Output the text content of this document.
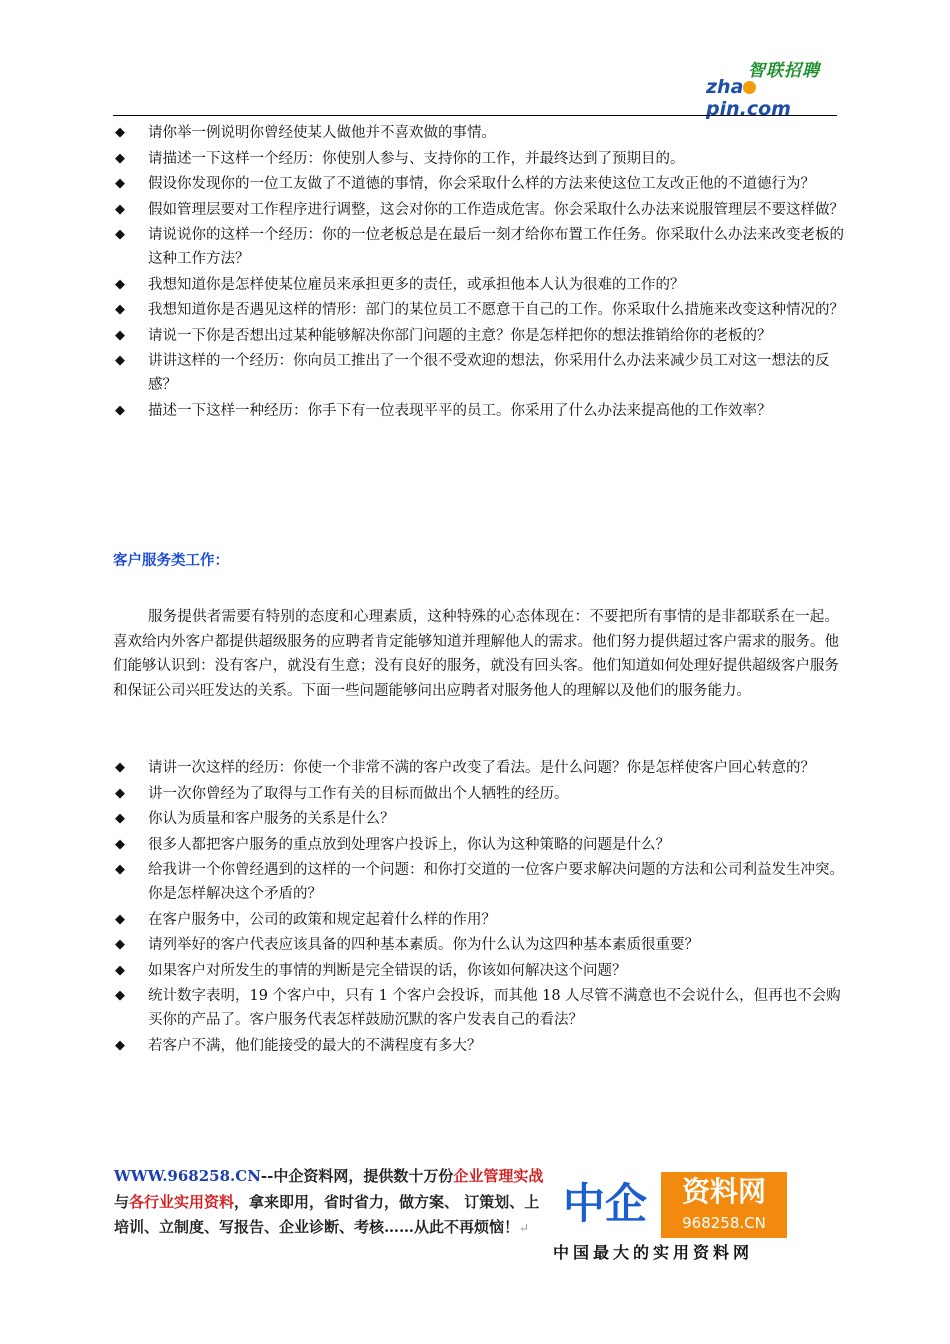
智联招聘
zhapin.com
◆ 请你举一例说明你曾经使某人做他并不喜欢做的事情。
◆ 请描述一下这样一个经历：你使别人参与、支持你的工作，并最终达到了预期目的。
◆ 假设你发现你的一位工友做了不道德的事情，你会采取什么样的方法来使这位工友改正他的不道德行为？
◆ 假如管理层要对工作程序进行调整，这会对你的工作造成危害。你会采取什么办法来说服管理层不要这样做？
◆ 请说说你的这样一个经历：你的一位老板总是在最后一刻才给你布置工作任务。你采取什么办法来改变老板的这种工作方法？
◆ 我想知道你是怎样使某位雇员来承担更多的责任，或承担他本人认为很难的工作的？
◆ 我想知道你是否遇见这样的情形：部门的某位员工不愿意干自己的工作。你采取什么措施来改变这种情况的？
◆ 请说一下你是否想出过某种能够解决你部门问题的主意？你是怎样把你的想法推销给你的老板的？
◆ 讲讲这样的一个经历：你向员工推出了一个很不受欢迎的想法，你采用什么办法来减少员工对这一想法的反感？
◆ 描述一下这样一种经历：你手下有一位表现平平的员工。你采用了什么办法来提高他的工作效率？
客户服务类工作：

服务提供者需要有特别的态度和心理素质，这种特殊的心态体现在：不要把所有事情的是非都联系在一起。喜欢给内外客户都提供超级服务的应聘者肯定能够知道并理解他人的需求。他们努力提供超过客户需求的服务。他们能够认识到：没有客户，就没有生意；没有良好的服务，就没有回头客。他们知道如何处理好提供超级客户服务和保证公司兴旺发达的关系。下面一些问题能够问出应聘者对服务他人的理解以及他们的服务能力。

◆ 请讲一次这样的经历：你使一个非常不满的客户改变了看法。是什么问题？你是怎样使客户回心转意的？
◆ 讲一次你曾经为了取得与工作有关的目标而做出个人牺牲的经历。
◆ 你认为质量和客户服务的关系是什么？
◆ 很多人都把客户服务的重点放到处理客户投诉上，你认为这种策略的问题是什么？
◆ 给我讲一个你曾经遇到的这样的一个问题：和你打交道的一位客户要求解决问题的方法和公司利益发生冲突。你是怎样解决这个矛盾的？
◆ 在客户服务中，公司的政策和规定起着什么样的作用？
◆ 请列举好的客户代表应该具备的四种基本素质。你为什么认为这四种基本素质很重要？
◆ 如果客户对所发生的事情的判断是完全错误的话，你该如何解决这个问题？
◆ 统计数字表明，19 个客户中，只有 1 个客户会投诉，而其他 18 人尽管不满意也不会说什么，但再也不会购买你的产品了。客户服务代表怎样鼓励沉默的客户发表自己的看法？
◆ 若客户不满，他们能接受的最大的不满程度有多大？
WWW.968258.CN--中企资料网，提供数十万份企业管理实战与各行业实用资料，拿来即用，省时省力，做方案、 订策划、上培训、立制度、写报告、企业诊断、考核……从此不再烦恼！↵ 中企	资料网
968258.CN
中国最大的实用资料网
